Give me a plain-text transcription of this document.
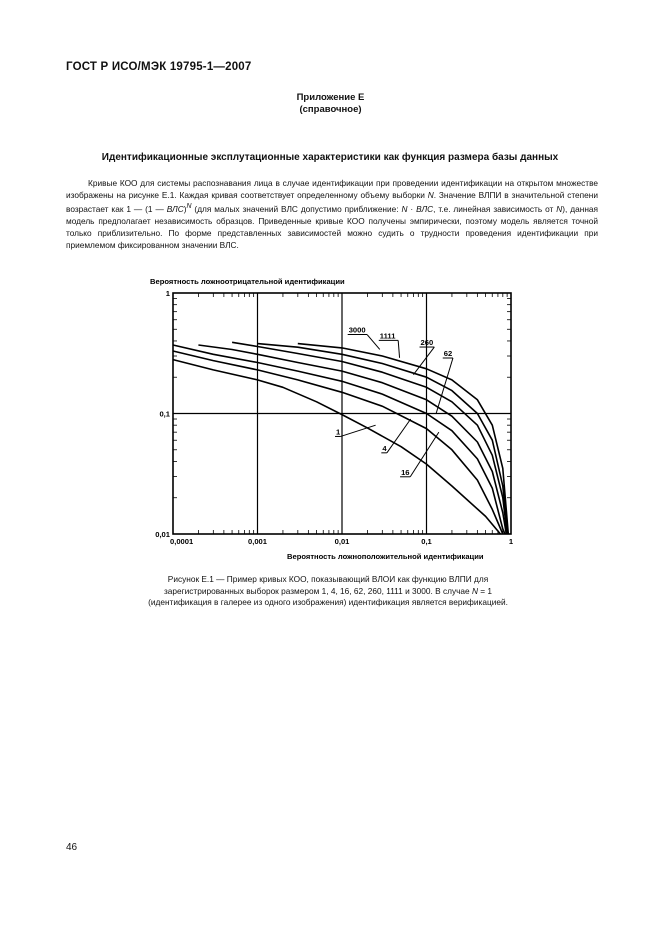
ГОСТ Р ИСО/МЭК 19795-1—2007
Приложение Е
(справочное)
Идентификационные эксплутационные характеристики как функция размера базы данных

Кривые КОО для системы распознавания лица в случае идентификации при проведении идентификации на открытом множестве изображены на рисунке Е.1. Каждая кривая соответствует определенному объему выборки N. Значение ВЛПИ в значительной степени возрастает как 1 — (1 — ВЛС)$^N$ (для малых значений ВЛС допустимо приближение: N · ВЛС, т.е. линейная зависимость от N), данная модель предполагает независимость образцов. Приведенные кривые КОО получены эмпирически, поэтому модель является точной только приблизительно. По форме представленных зависимостей можно судить о трудности проведения идентификации при приемлемом фиксированном значении ВЛС.

Вероятность ложноотрицательной идентификации
3000
1111
260
62
1
4
16
0,0001	0,001	0,01	0,1	1
1
0,1
0,01
Вероятность ложноположительной идентификации
Рисунок Е.1 — Пример кривых КОО, показывающий ВЛОИ как функцию ВЛПИ для зарегистрированных выборок размером 1, 4, 16, 62, 260, 1111 и 3000. В случае N = 1 (идентификация в галерее из одного изображения) идентификация является верификацией.
46
